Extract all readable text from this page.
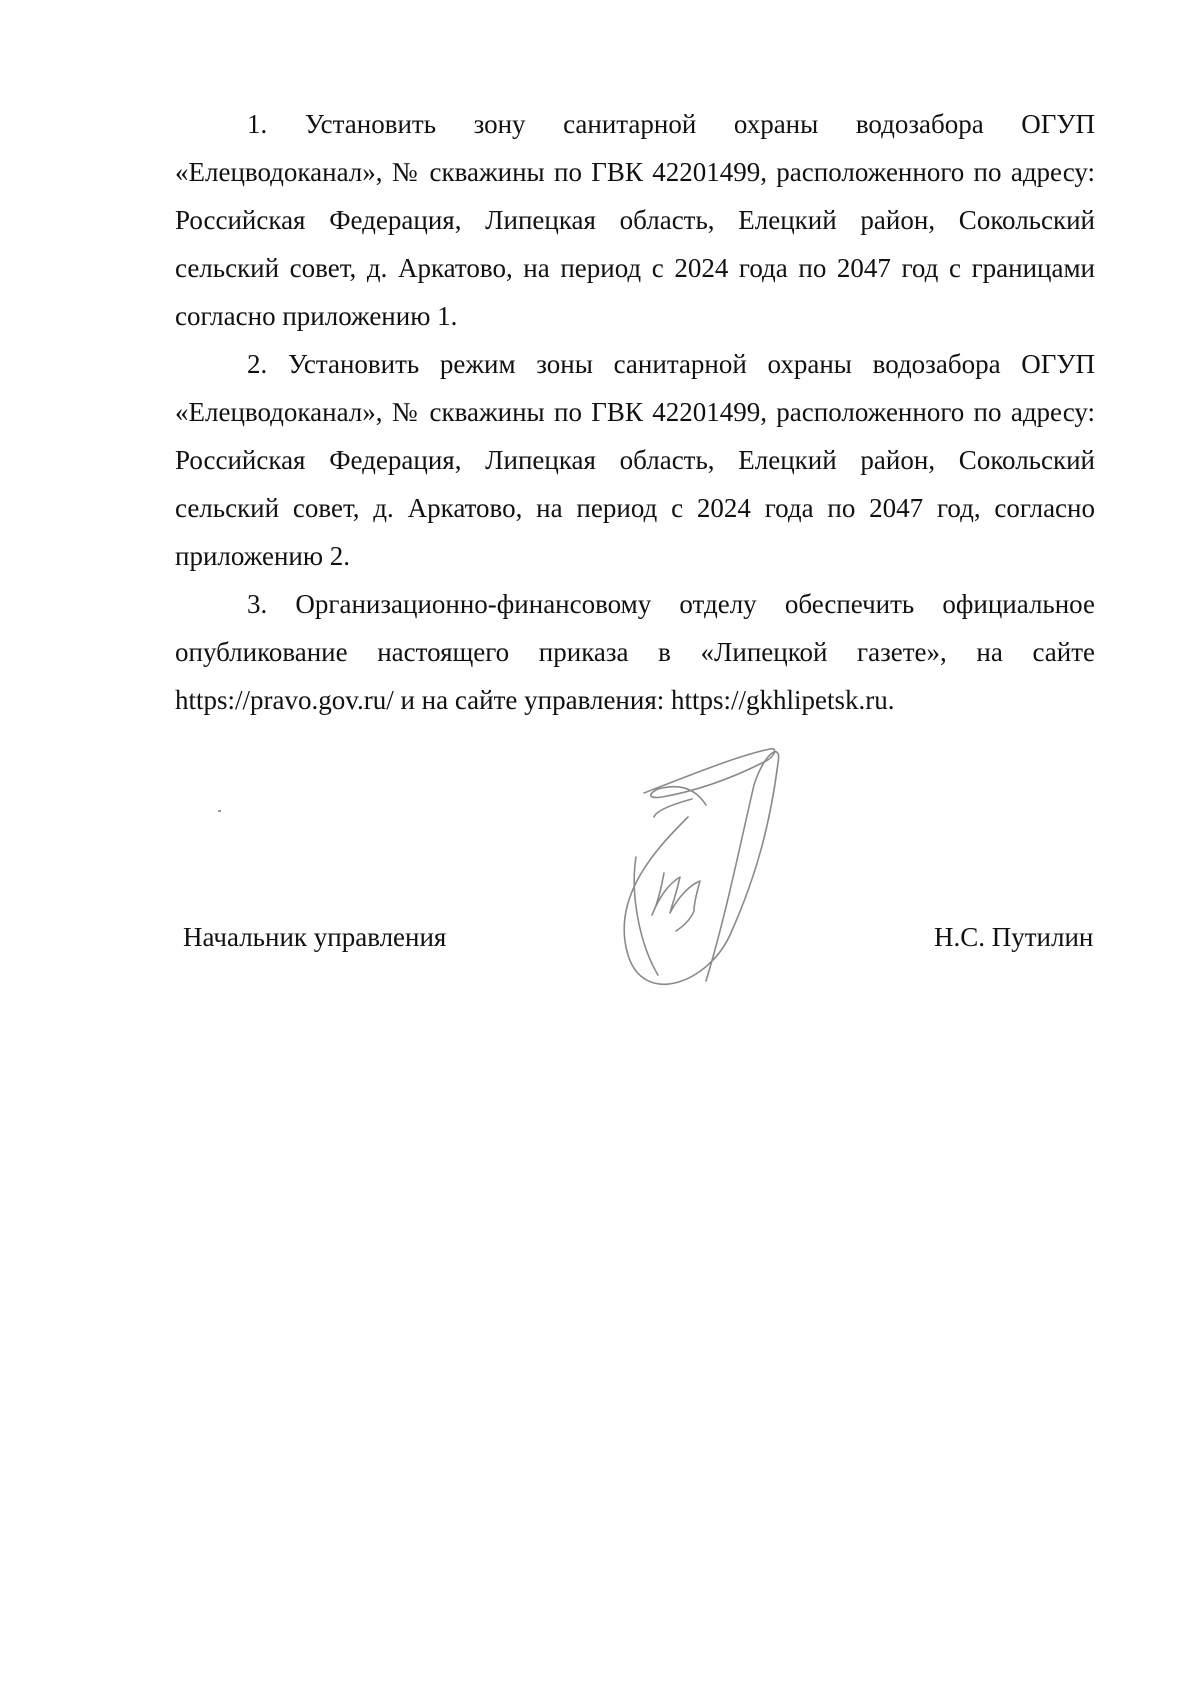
1. Установить зону санитарной охраны водозабора ОГУП «Елецводоканал», № скважины по ГВК 42201499, расположенного по адресу: Российская Федерация, Липецкая область, Елецкий район, Сокольский сельский совет, д. Аркатово, на период с 2024 года по 2047 год с границами согласно приложению 1.

2. Установить режим зоны санитарной охраны водозабора ОГУП «Елецводоканал», № скважины по ГВК 42201499, расположенного по адресу: Российская Федерация, Липецкая область, Елецкий район, Сокольский сельский совет, д. Аркатово, на период с 2024 года по 2047 год, согласно приложению 2.

3. Организационно-финансовому отделу обеспечить официальное опубликование настоящего приказа в «Липецкой газете», на сайте https://pravo.gov.ru/ и на сайте управления: https://gkhlipetsk.ru.

Начальник управления	Н.С. Путилин
